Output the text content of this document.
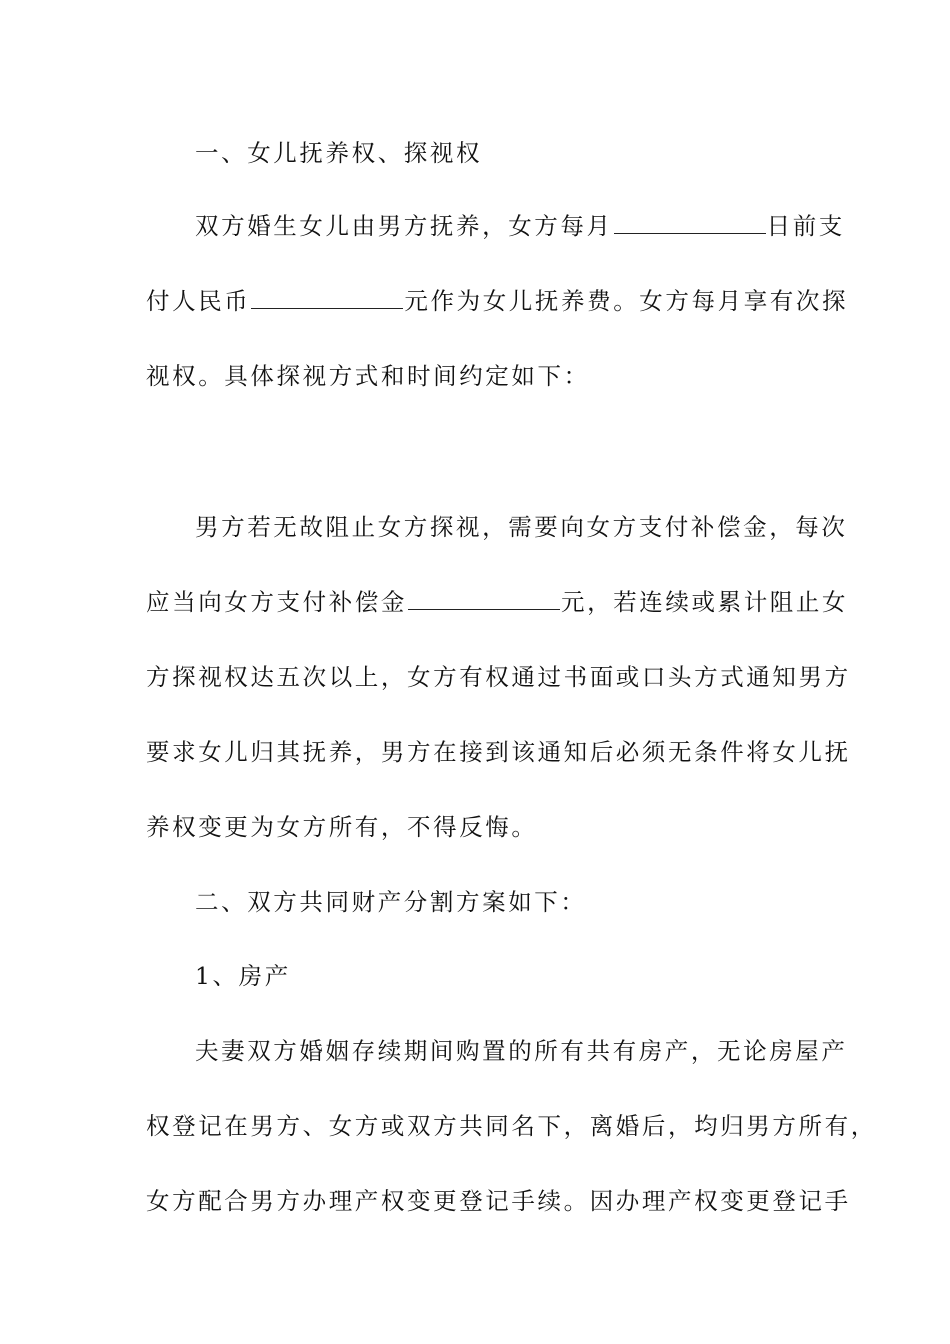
一、女儿抚养权、探视权
双方婚生女儿由男方抚养，女方每月	日前支
付人民币	元作为女儿抚养费。女方每月享有次探
视权。具体探视方式和时间约定如下：
男方若无故阻止女方探视，需要向女方支付补偿金，每次
应当向女方支付补偿金	元，若连续或累计阻止女
方探视权达五次以上，女方有权通过书面或口头方式通知男方
要求女儿归其抚养，男方在接到该通知后必须无条件将女儿抚
养权变更为女方所有，不得反悔。
二、双方共同财产分割方案如下：
1、房产
夫妻双方婚姻存续期间购置的所有共有房产，无论房屋产
权登记在男方、女方或双方共同名下，离婚后，均归男方所有，
女方配合男方办理产权变更登记手续。因办理产权变更登记手
